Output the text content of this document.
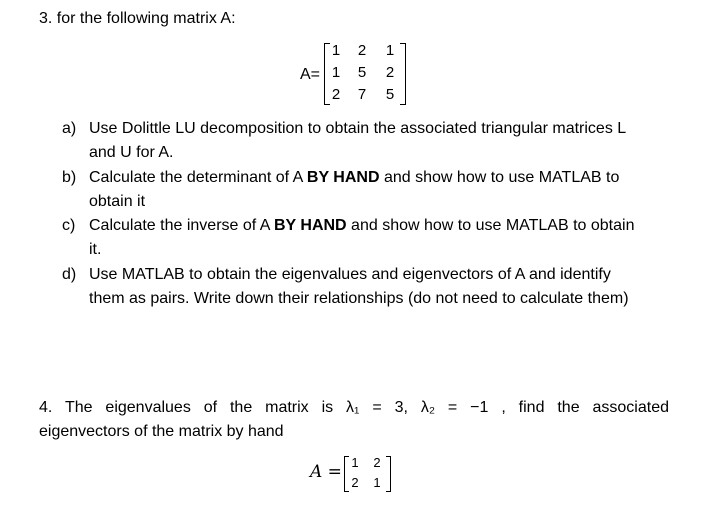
3. for the following matrix A:
A=
1 2 1
1 5 2
2 7 5
a) Use Dolittle LU decomposition to obtain the associated triangular matrices L
and U for A.
b) Calculate the determinant of A BY HAND and show how to use MATLAB to
obtain it
c) Calculate the inverse of A BY HAND and show how to use MATLAB to obtain
it.
d) Use MATLAB to obtain the eigenvalues and eigenvectors of A and identify
them as pairs. Write down their relationships (do not need to calculate them)
4. The eigenvalues of the matrix is λ₁ = 3, λ₂ = −1 , find the associated
eigenvectors of the matrix by hand
A = 1 2
2 1
